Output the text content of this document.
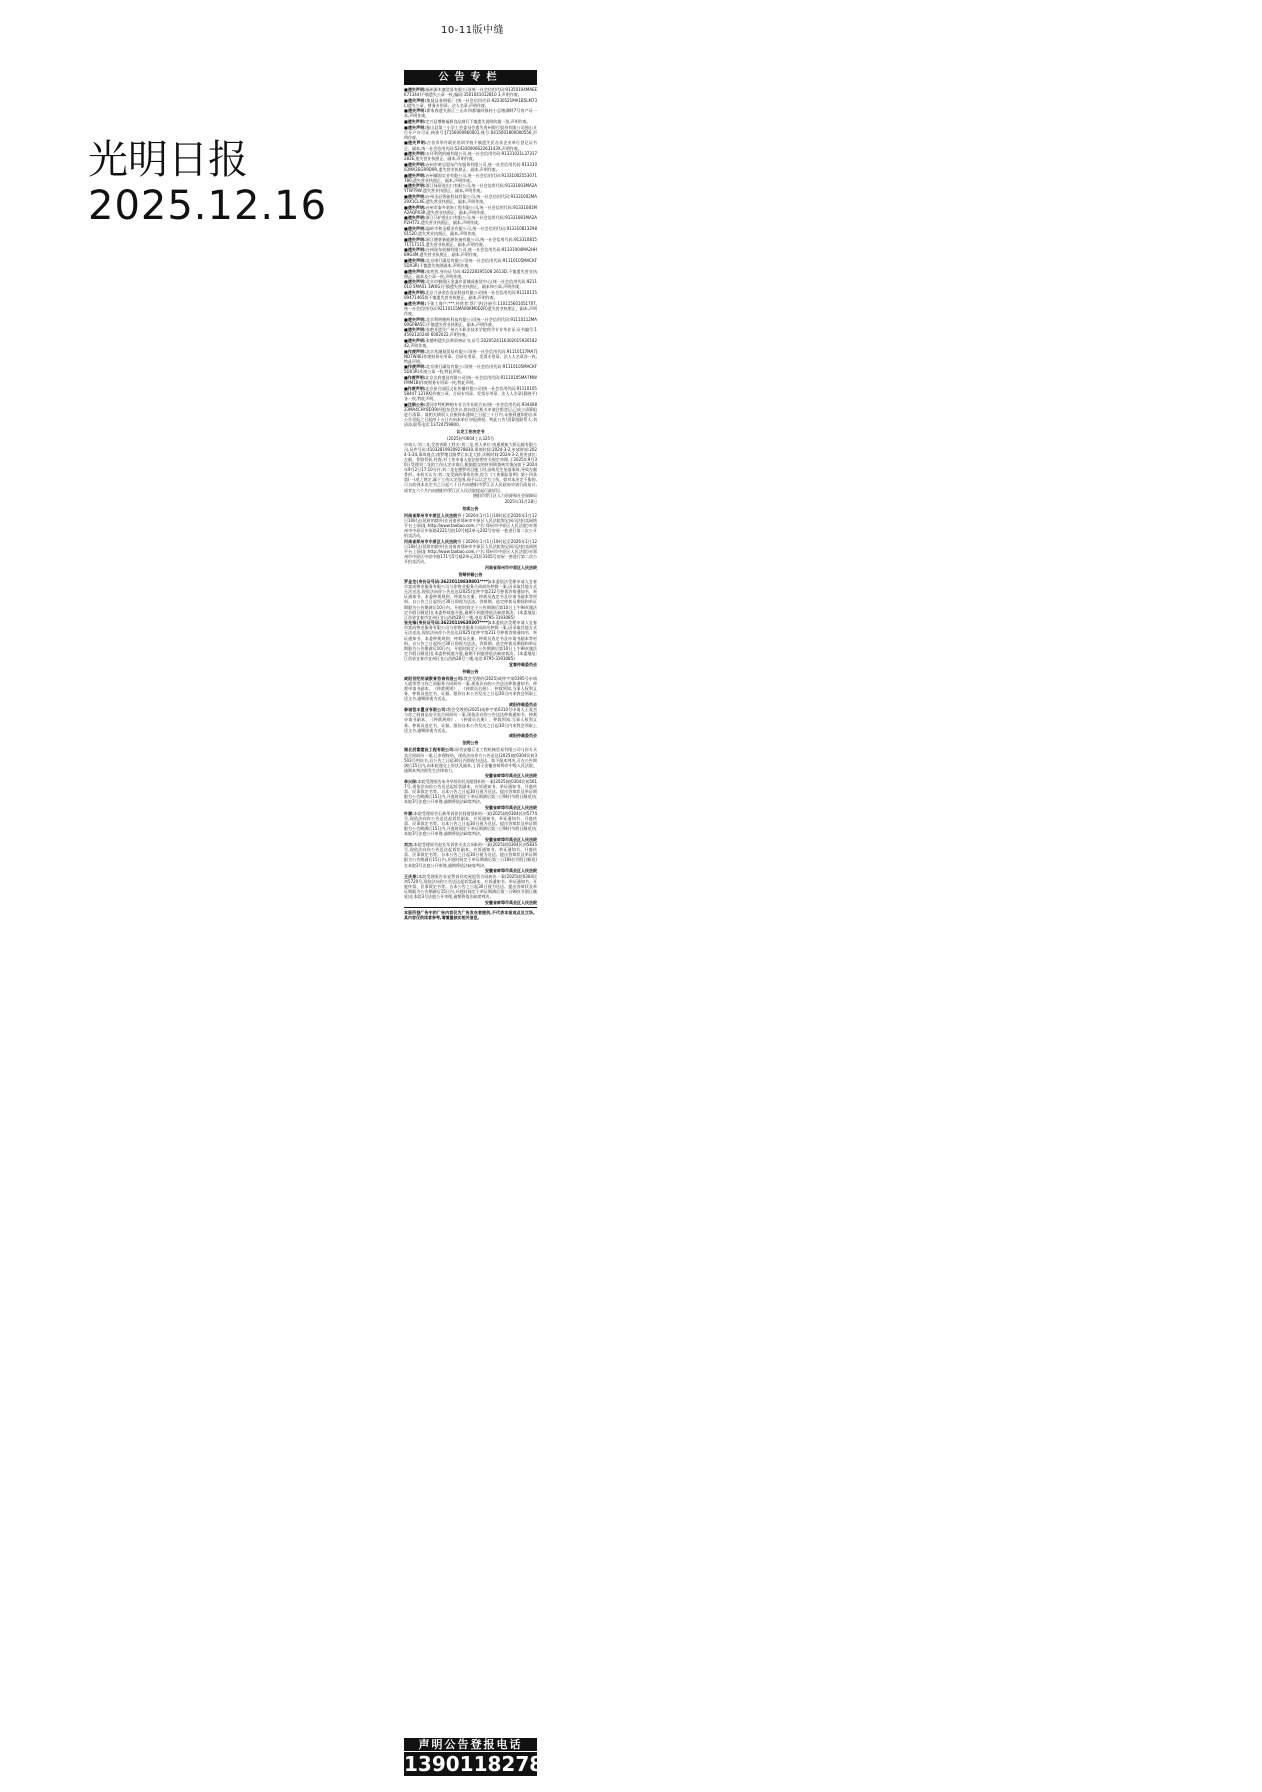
10-11版中缝
光明日报
2025.12.16
公告专栏
■遗失声明:福州源木旗贸易有限公司(统一社会信用代码:91350104MAEEK71344)不慎遗失公章一枚,编码:3501041012810 3,声明作废。
■遗失声明:集贤县春明板厂(统一社会信用代码:92230521MA1B5LM73L)遗失公章、财务专用章、法人名章,声明作废。
■遗失声明:翟家春遗失浙江三山市四都镇四都村小总塘湖畔7号房产证一本,声明作废。
■遗失声明:定兴县增粮福源食品商行不慎遗失说明收据一张,声明作废。
■遗失声明:独山县第三小学工会委员会遗失贵州银行股份有限公司独山支行开户许可证,核准号:J7156000960001,账号:0415001800000556,声明作废。
■遗失声明:吉首市华丹职业培训学校不慎遗失民办非企业单位登记证书正、副本,统一社会信用代码:52433000662263143X,声明作废。
■遗失声明:五环利剑机械有限公司,统一社会信用代码:91331021L37317282E,遗失营业执照正、副本,声明作废。
■遗失声明:台州市黄岩恩东汽车服务有限公司,统一社会信用代码:91331003MA2EGR9D9R,遗失营业执照正、副本,声明作废。
■遗失声明:台州耀固实业有限公司,统一社会信用代码:91331002553071780,遗失营业执照正、副本,声明作废。
■遗失声明:浙江绿留进出口有限公司,统一社会信用代码:91331003MA2AYTWT9W,遗失营业执照正、副本,声明作废。
■遗失声明:台州圣辰智能科技有限公司,统一社会信用代码:91331002MA29X1CLXE,遗失营业执照正、副本,声明作废。
■遗失声明:台州市泰多装饰工程有限公司,统一社会信用代码:91331081MA2AQPX3R,遗失营业执照正、副本,声明作废。
■遗失声明:浙江马护进出口有限公司,统一社会信用代码:91331081MA2AP2H772,遗失营业执照正、副本,声明作废。
■遗失声明:温岭市和圣精业有限公司,统一社会信用代码:91331081329801520,遗失营业执照正、副本,声明作废。
■遗失声明:浙江德豪新能源装备有限公司,统一社会信用代码:91331081571717115,遗失营业执照正、副本,声明作废。
■遗失声明:台州晟东机械有限公司,统一社会信用代码:91331004MA2HHB9G4M,遗失营业执照正、副本,声明作废。
■遗失声明:北京康行碳信有限公司(统一社会信用代码:91110105MACKF5DX3R)不慎遗失执照副本,声明作废。
■遗失声明:张营营,身份证号码:422228195108 2613D,不慎遗失营业执照正、副本及公章一枚,声明作废。
■遗失声明:北京市朝阳区金盏乡雷城成畜贸中心(统一社会信用代码:9211010 5MA01 3WXG)不慎遗失营业执照正、副本和公章,声明作废。
■遗失声明:北京立泽金农食品科技有限公司(统一社会信用代码:91110115094714654)不慎遗失营业执照正、副本,声明作废。
■遗失声明:个体工商户:***,经营者:蔡广华(注册号:110115601051707,统一社会信用代码:92110115MA00KM0D2R)遗失营业执照正、副本,声明作废。
■遗失声明:北京利明德药科技有限公司(统一社会信用代码:91110112MA00GP8A5C)不慎遗失营业执照正、副本,声明作废。
■遗失声明:张艳芳遗失广州五羊职业技术学院药学专业毕业证,证书编号:14592120240 6002022,声明作废。
■遗失声明:张德明遗失医师资格证书,证号:202052411630201593018242,声明作废。
■作废声明:北京兆融晟贸易有限公司(统一社会信用代码:91110117MA7JND7W4E)作废财务专用章、合同专用章、发票专用章、法人人名章各一枚,特此声明。
■作废声明:北京康行碳信有限公司(统一社会信用代码:91110105MACKF5DX3R)作废公章一枚,特此声明。
■作废声明:北京名府盛昌有限公司(统一社会信用代码:91110105MA7MWFMM1B)作废财务专用章一枚,特此声明。
■作废声明:北京星合国际文化传播有限公司(统一社会信用代码:9111010558447 1219X)作废公章、合同专用章、发票专用章、法人人名章(葛晓平)各一枚,特此声明。
■注销公告:渭河市特桁种植专业合作社联合社(统一社会信用代码:93440823MA4CHY8D39)经股东会决议,拟向登记机关申请注销登记,已成立清算组进行清算。请相关债权人自接到本通知之日起三十日内,未接到通知的自本公告见报之日起四十五日内向本单位申报债权。特此公告!清算组联系人:刘清涛,联系电话:13724759800。
认定工伤决定书
(2025)庐0604工认325号
申请人:刘二龙,受伤害职工姓名:刘二龙,用人单位:南通建航大桥运输有限公司,证件号码:410328199209278830,事故时间:2024-3-2,申请时间:2024-3-24,事故地点:南罗塘目路罗江东北大桥,诊断时间:2024-3-2,伤害部位:左腿、骨胳骨折,经查,对工伤申请人依法按照有关规定审理,于2025年9月30日受理刘二龙的工伤认定申请后,根据提交的材料调查核实情况如下:2024年9月2日17:10分许,刘二龙在德罗项目施工时,因故发生坠落事故,导致左腿骨折。本机关认为:刘二龙受到的事故伤害,符合《工伤保险条例》第十四条第(一)项之规定,属于工伤认定范围,现予以认定为工伤。如对本决定不服的,可自收到本决定书之日起六十日内向德阳市罗江区人民政府申请行政复议,或者在六个月内向德阳市罗江区人民法院提起行政诉讼。
德阳市罗江区人力资源和社会保障局
2025年11月28日
拍卖公告
河南省郑州市中原区人民法院将于2026年1月1日10时起至2026年1月12日10时止(延时的除外)在河南省郑州市中原区人民法院淘宝网司法拍卖网络平台上(网址:http://www.taobao.com,户名:郑州市中原区人民法院)对郑州市中原区中原路2221号院10号楼2单元202号房屋一套进行第二次公开拍卖活动。
河南省郑州市中原区人民法院将于2026年1月1日10时起至2026年1月12日10时止(延时的除外)在河南省郑州市中原区人民法院淘宝网司法拍卖网络平台上(网址:http://www.taobao.com,户名:郑州市中原区人民法院)对郑州市中原区中原中路171号5号楼2单元31层3105号房屋一套进行第二次公开拍卖活动。
河南省郑州市中原区人民法院
答辩仲裁公告
罗金龙(身份证号码:36220119830801****):本委依法受理申请人宜春市富成物业服务有限公司与你物业服务合同纠纷仲裁一案,因采取其他方式无法送达,现依法向你公告送达(2025)宜仲字第212号仲裁答辩通知书、举证通知书、本委仲裁规则、仲裁员名册、仲裁员选定书及申请书副本等材料。自公告之日起经过30日即视为送达。答辩期、选定仲裁员期间和举证期限为公告期满后10日内。开庭时间定于公告期满后第10日上午9时(遇法定节假日顺延)在本委仲裁庭开庭,逾期不到庭将依法缺席裁决。(本委地址:江西省宜春市宜州区宜山西路28号三楼,电话:0795-3193085)
张先锋(身份证号码:36220119630307****):本委依法受理申请人宜春市富成物业服务有限公司与你物业服务合同纠纷仲裁一案,因采取其他方式无法送达,现依法向你公告送达(2025)宜仲字第211号仲裁答辩通知书、举证通知书、本委仲裁规则、仲裁员名册、仲裁员选定书及申请书副本等材料。自公告之日起经过30日即视为送达。答辩期、选定仲裁员期间和举证期限为公告期满后10日内。开庭时间定于公告期满后第10日上午9时(遇法定节假日顺延)在本委仲裁庭开庭,逾期不到庭将依法缺席裁决。(本委地址:江西省宜春市宜州区宜山西路28号三楼,电话:0795-3193085)
宜春仲裁委员会
仲裁公告
咸阳世纪明诚教育咨询有限公司:我会受理的(2025)咸仲字第0395号申请人就荣等与你之间服务合同纠纷一案,现依法向你公告送达仲裁通知书、仲裁申请书副本、《仲裁规则》、《仲裁员名册》、仲裁须知,当事人权利义务、仲裁员选定书、证据。限你自本公告发出之日起30日内来我会领取上述文书,逾期即视为送达。
咸阳仲裁委员会
泰诚恒丰置业有限公司:我会受理的(2025)咸仲字第0310号申请人王爱杰与你之间商品房买卖合同纠纷一案,现依法向你公告送达仲裁通知书、仲裁申请书副本、《仲裁规则》、《仲裁员名册》、仲裁须知,当事人权利义务、仲裁员选定书、证据。限你自本公告发出之日起30日内来我会领取上述文书,逾期即视为送达。
咸阳仲裁委员会
法院公告
湖北辰富建设工程有限公司:原告安徽巨龙工程机械贸易有限公司与你方买卖合同纠纷一案,已审理终结。现依法向你方公告送达(2025)皖0304民初3503号判决书,自公告之日起30日内即视为送达。如不服本判决,可在公告期满后15日内,向本院递交上诉状及副本,上诉于安徽省蚌埠市中级人民法院。逾期本判决即发生法律效力。
安徽省蚌埠市禹会区人民法院
李兴保:本院受理原告朱冬华诉你民间借贷纠纷一案(2025)皖0304民初5617号,现依法向你公告送达起诉状副本、应诉通知书、举证通知书、开庭传票、民事裁定书等。自本公告之日起30日视为送达。提出答辩状及举证期限为公告期满后15日内,开庭时间定于举证期满后第三日9时(节假日顺延)在本院3号法庭公开审理,逾期将依法缺席判决。
安徽省蚌埠市禹会区人民法院
叶顺:本院受理原告石新华诉你民间借贷纠纷一案(2025)皖0304民初5774号,现依法向你公告送达起诉状副本、应诉通知书、举证通知书、开庭传票、民事裁定书等。自本公告之日起30日视为送达。提出答辩状及举证期限为公告期满后15日内,开庭时间定于举证期满后第三日9时(节假日顺延)在本院3号法庭公开审理,逾期将依法缺席判决。
安徽省蚌埠市禹会区人民法院
刘杰:本院受理原告赵长军诉你买卖合同纠纷一案(2025)皖0304民初5835号,现依法向你公告送达起诉状副本、应诉通知书、举证通知书、开庭传票、民事裁定书等。自本公告之日起30日视为送达。提出答辩状及举证期限为公告期满后15日内,开庭时间定于举证期满后第三日10时(节假日顺延)在本院3号法庭公开审理,逾期将依法缺席判决。
安徽省蚌埠市禹会区人民法院
王庆果:本院受理原告朱安然诉你房屋租赁合同纠纷一案(2025)皖0304民初5720号,现依法向你公告送达起诉状副本、应诉通知书、举证通知书、开庭传票、民事裁定书等。自本公告之日起30日视为送达。提出答辩状及举证期限为公告期满后15日内,开庭时间定于举证期满后第三日9时(节假日顺延)在本院3号法庭公开审理,逾期将依法缺席判决。
安徽省蚌埠市禹会区人民法院
本版所登广告中的广告内容仅为广告发布者提供,不代表本报观点及立场。其内容仅供读者参考,请慎重核实相关信息。
声明公告登报电话
13901182789
